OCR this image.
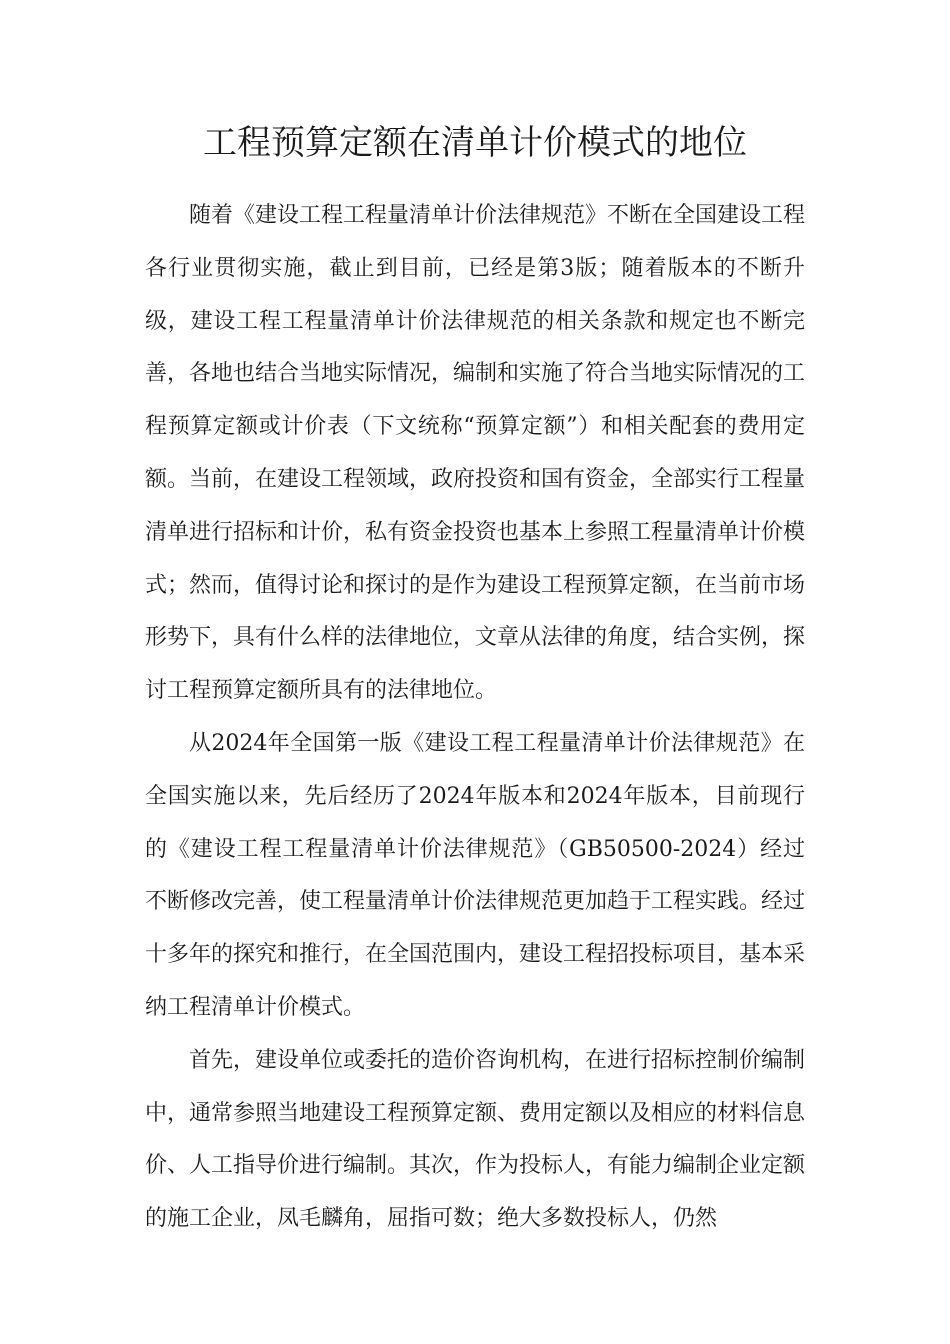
工程预算定额在清单计价模式的地位

随着《建设工程工程量清单计价法律规范》不断在全国建设工程各行业贯彻实施，截止到目前，已经是第3版；随着版本的不断升级，建设工程工程量清单计价法律规范的相关条款和规定也不断完善，各地也结合当地实际情况，编制和实施了符合当地实际情况的工程预算定额或计价表（下文统称“预算定额”）和相关配套的费用定额。当前，在建设工程领域，政府投资和国有资金，全部实行工程量清单进行招标和计价，私有资金投资也基本上参照工程量清单计价模式；然而，值得讨论和探讨的是作为建设工程预算定额，在当前市场形势下，具有什么样的法律地位，文章从法律的角度，结合实例，探讨工程预算定额所具有的法律地位。

从2024年全国第一版《建设工程工程量清单计价法律规范》在全国实施以来，先后经历了2024年版本和2024年版本，目前现行的《建设工程工程量清单计价法律规范》（GB50500-2024）经过不断修改完善，使工程量清单计价法律规范更加趋于工程实践。经过十多年的探究和推行，在全国范围内，建设工程招投标项目，基本采纳工程清单计价模式。

首先，建设单位或委托的造价咨询机构，在进行招标控制价编制中，通常参照当地建设工程预算定额、费用定额以及相应的材料信息价、人工指导价进行编制。其次，作为投标人，有能力编制企业定额的施工企业，凤毛麟角，屈指可数；绝大多数投标人，仍然
